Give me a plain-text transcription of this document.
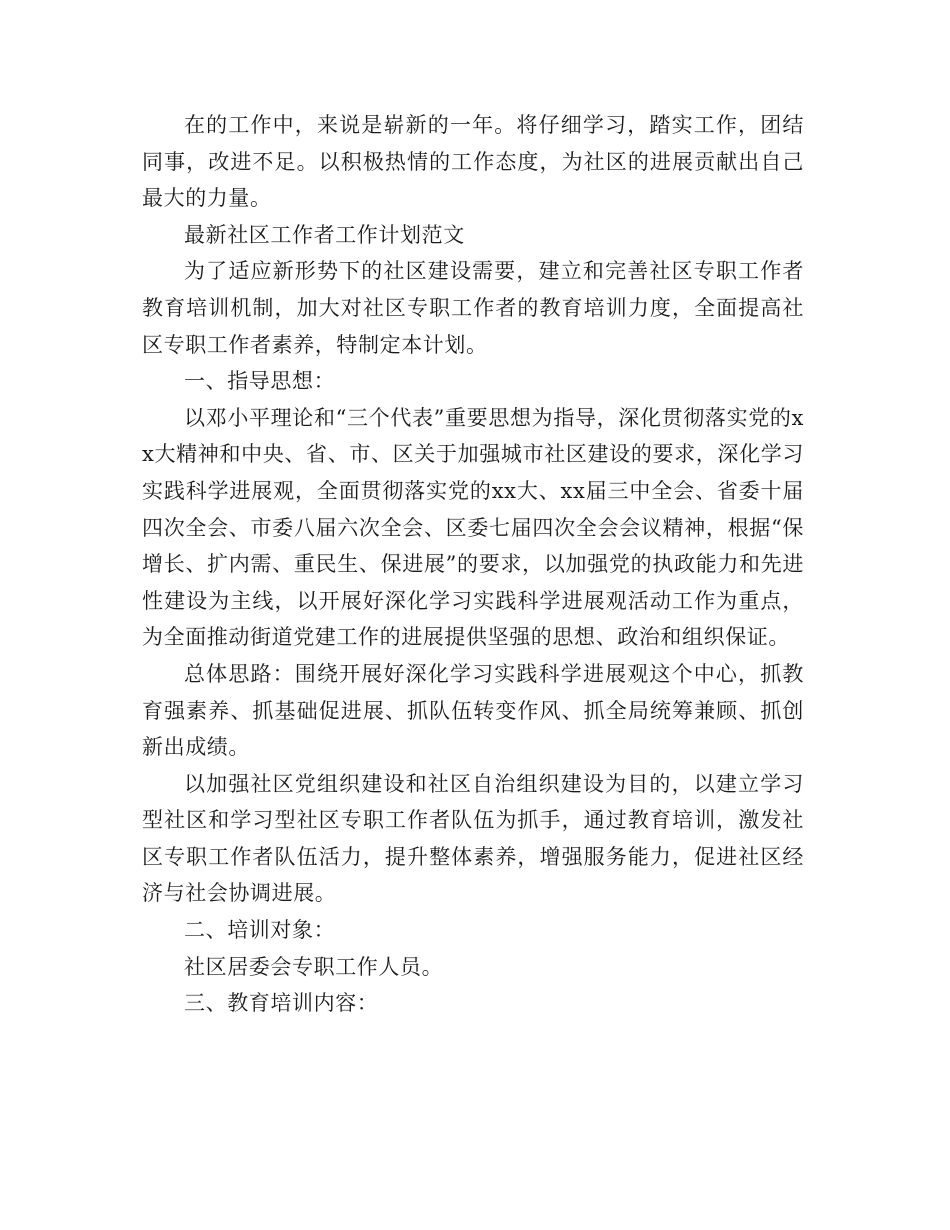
在的工作中，来说是崭新的一年。将仔细学习，踏实工作，团结同事，改进不足。以积极热情的工作态度，为社区的进展贡献出自己最大的力量。

最新社区工作者工作计划范文

为了适应新形势下的社区建设需要，建立和完善社区专职工作者教育培训机制，加大对社区专职工作者的教育培训力度，全面提高社区专职工作者素养，特制定本计划。

一、指导思想：

以邓小平理论和“三个代表”重要思想为指导，深化贯彻落实党的xx大精神和中央、省、市、区关于加强城市社区建设的要求，深化学习实践科学进展观，全面贯彻落实党的xx大、xx届三中全会、省委十届四次全会、市委八届六次全会、区委七届四次全会会议精神，根据“保增长、扩内需、重民生、保进展”的要求，以加强党的执政能力和先进性建设为主线，以开展好深化学习实践科学进展观活动工作为重点，为全面推动街道党建工作的进展提供坚强的思想、政治和组织保证。

总体思路：围绕开展好深化学习实践科学进展观这个中心，抓教育强素养、抓基础促进展、抓队伍转变作风、抓全局统筹兼顾、抓创新出成绩。

以加强社区党组织建设和社区自治组织建设为目的，以建立学习型社区和学习型社区专职工作者队伍为抓手，通过教育培训，激发社区专职工作者队伍活力，提升整体素养，增强服务能力，促进社区经济与社会协调进展。

二、培训对象：

社区居委会专职工作人员。

三、教育培训内容：
